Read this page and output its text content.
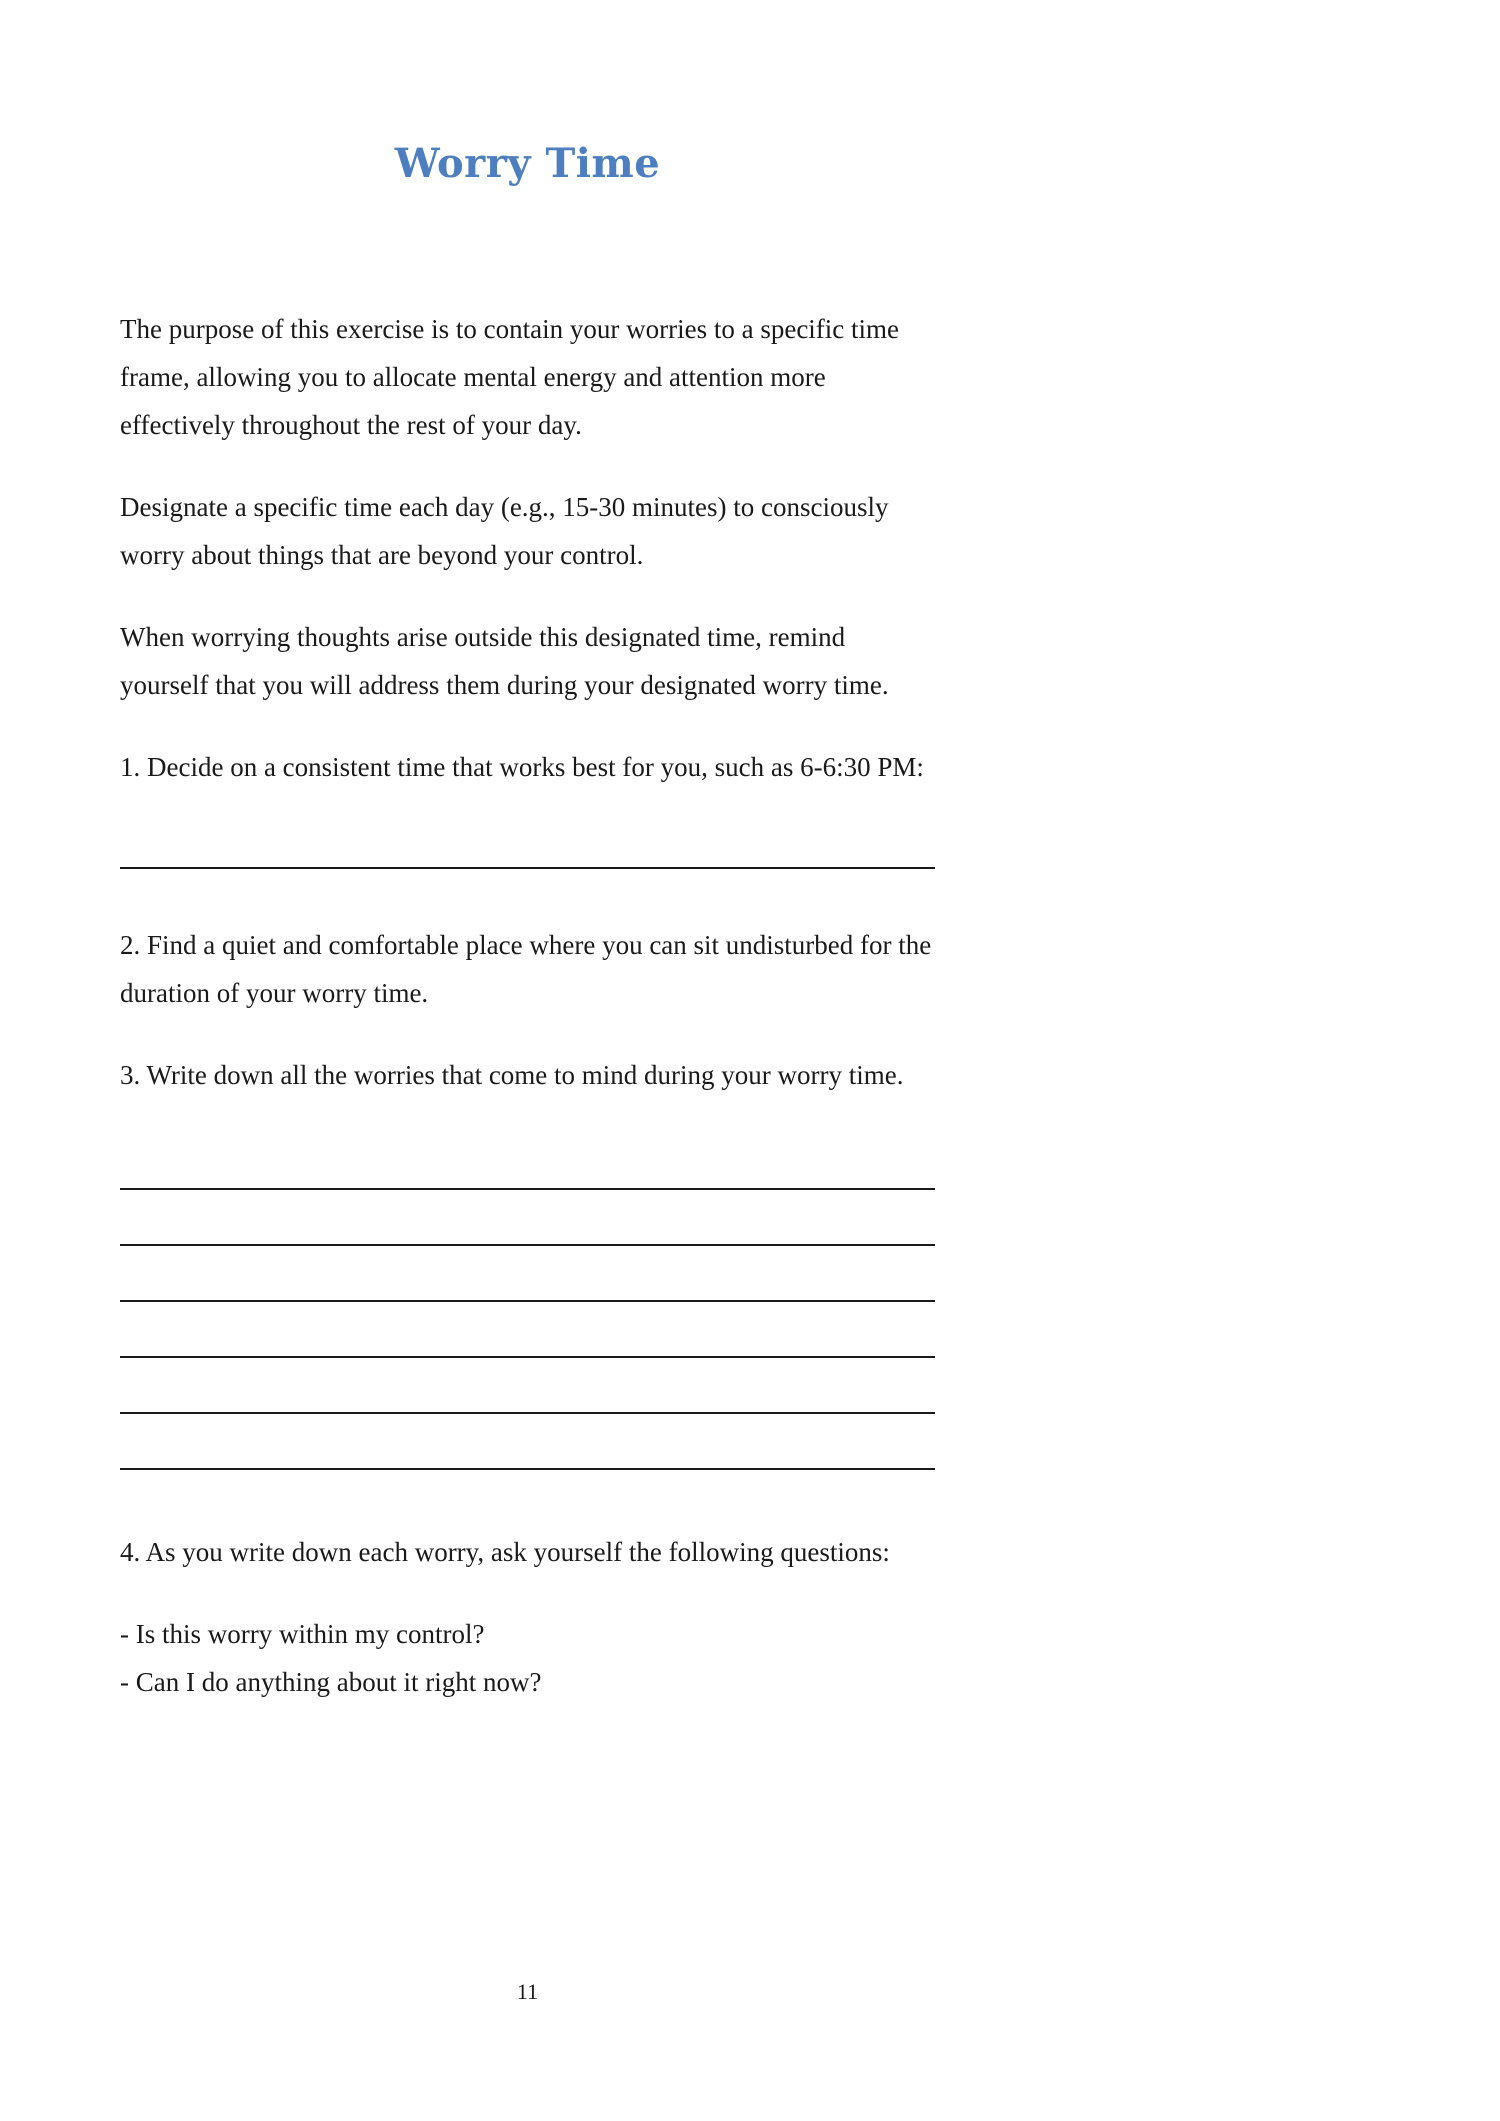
Worry Time

The purpose of this exercise is to contain your worries to a specific time frame, allowing you to allocate mental energy and attention more effectively throughout the rest of your day.

Designate a specific time each day (e.g., 15-30 minutes) to consciously worry about things that are beyond your control.

When worrying thoughts arise outside this designated time, remind yourself that you will address them during your designated worry time.

1. Decide on a consistent time that works best for you, such as 6-6:30 PM:

2. Find a quiet and comfortable place where you can sit undisturbed for the duration of your worry time.

3. Write down all the worries that come to mind during your worry time.

4. As you write down each worry, ask yourself the following questions:

- Is this worry within my control?
- Can I do anything about it right now?

11
